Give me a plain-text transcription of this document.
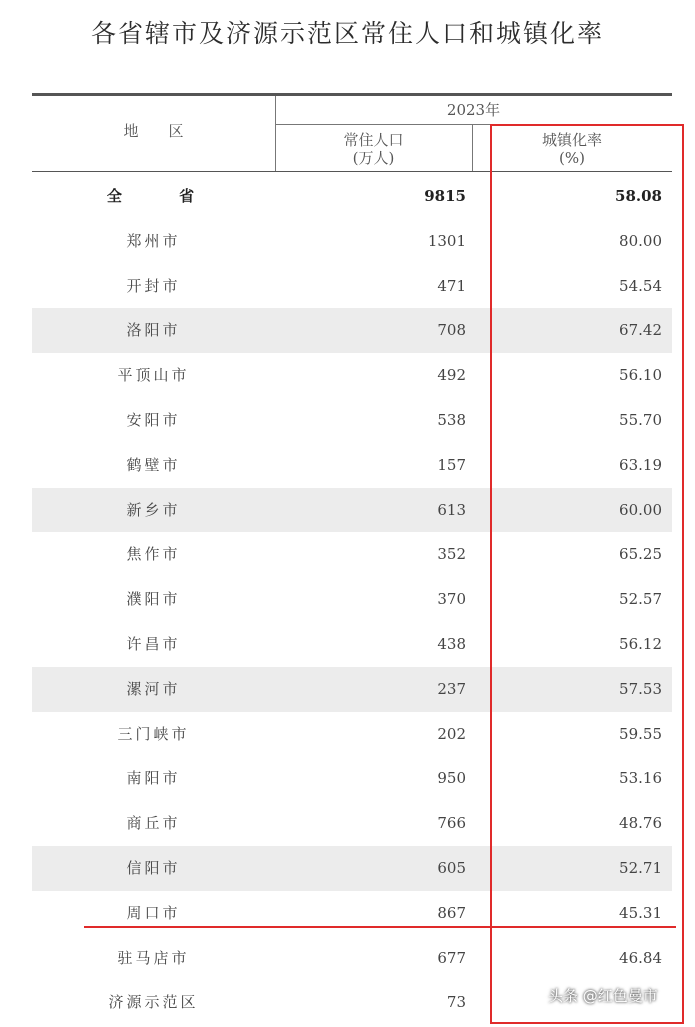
各省辖市及济源示范区常住人口和城镇化率
地　　区
2023年
常住人口
(万人)
城镇化率
(%)
全 省	9815	58.08
郑州市	1301	80.00
开封市	471	54.54
洛阳市	708	67.42
平顶山市	492	56.10
安阳市	538	55.70
鹤壁市	157	63.19
新乡市	613	60.00
焦作市	352	65.25
濮阳市	370	52.57
许昌市	438	56.12
漯河市	237	57.53
三门峡市	202	59.55
南阳市	950	53.16
商丘市	766	48.76
信阳市	605	52.71
周口市	867	45.31
驻马店市	677	46.84
济源示范区	73	头条 @红色曼市
